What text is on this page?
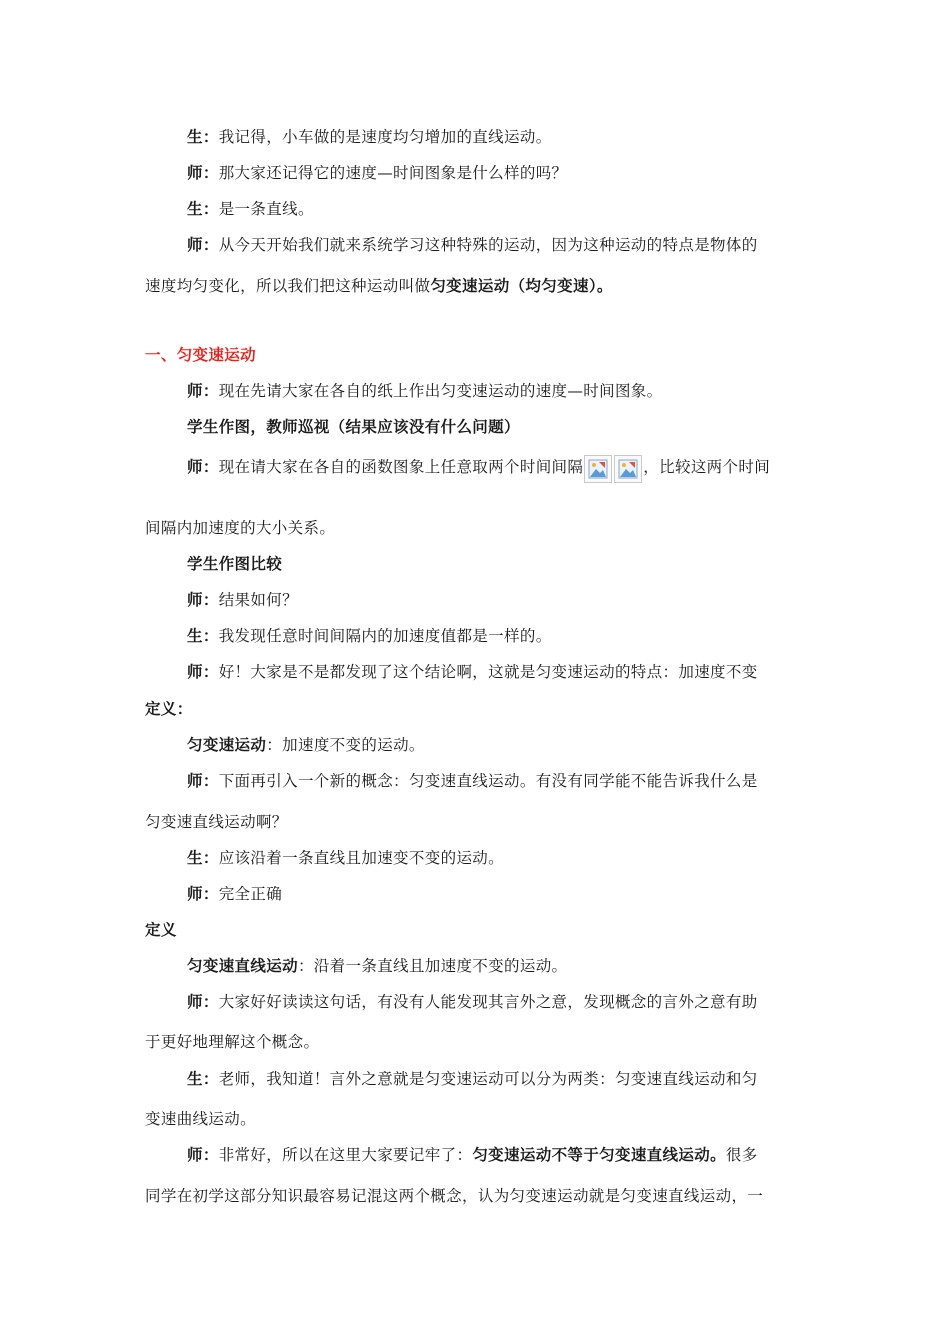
生：我记得，小车做的是速度均匀增加的直线运动。
师：那大家还记得它的速度—时间图象是什么样的吗？
生：是一条直线。
师：从今天开始我们就来系统学习这种特殊的运动，因为这种运动的特点是物体的
速度均匀变化，所以我们把这种运动叫做匀变速运动（均匀变速）。
一、匀变速运动
师：现在先请大家在各自的纸上作出匀变速运动的速度—时间图象。
学生作图，教师巡视（结果应该没有什么问题）
师：现在请大家在各自的函数图象上任意取两个时间间隔	，比较这两个时间
间隔内加速度的大小关系。
学生作图比较
师：结果如何？
生：我发现任意时间间隔内的加速度值都是一样的。
师：好！大家是不是都发现了这个结论啊，这就是匀变速运动的特点：加速度不变
定义：
匀变速运动：加速度不变的运动。
师：下面再引入一个新的概念：匀变速直线运动。有没有同学能不能告诉我什么是
匀变速直线运动啊？
生：应该沿着一条直线且加速变不变的运动。
师：完全正确
定义
匀变速直线运动：沿着一条直线且加速度不变的运动。
师：大家好好读读这句话，有没有人能发现其言外之意，发现概念的言外之意有助
于更好地理解这个概念。
生：老师，我知道！言外之意就是匀变速运动可以分为两类：匀变速直线运动和匀
变速曲线运动。
师：非常好，所以在这里大家要记牢了：匀变速运动不等于匀变速直线运动。很多
同学在初学这部分知识最容易记混这两个概念，认为匀变速运动就是匀变速直线运动，一
